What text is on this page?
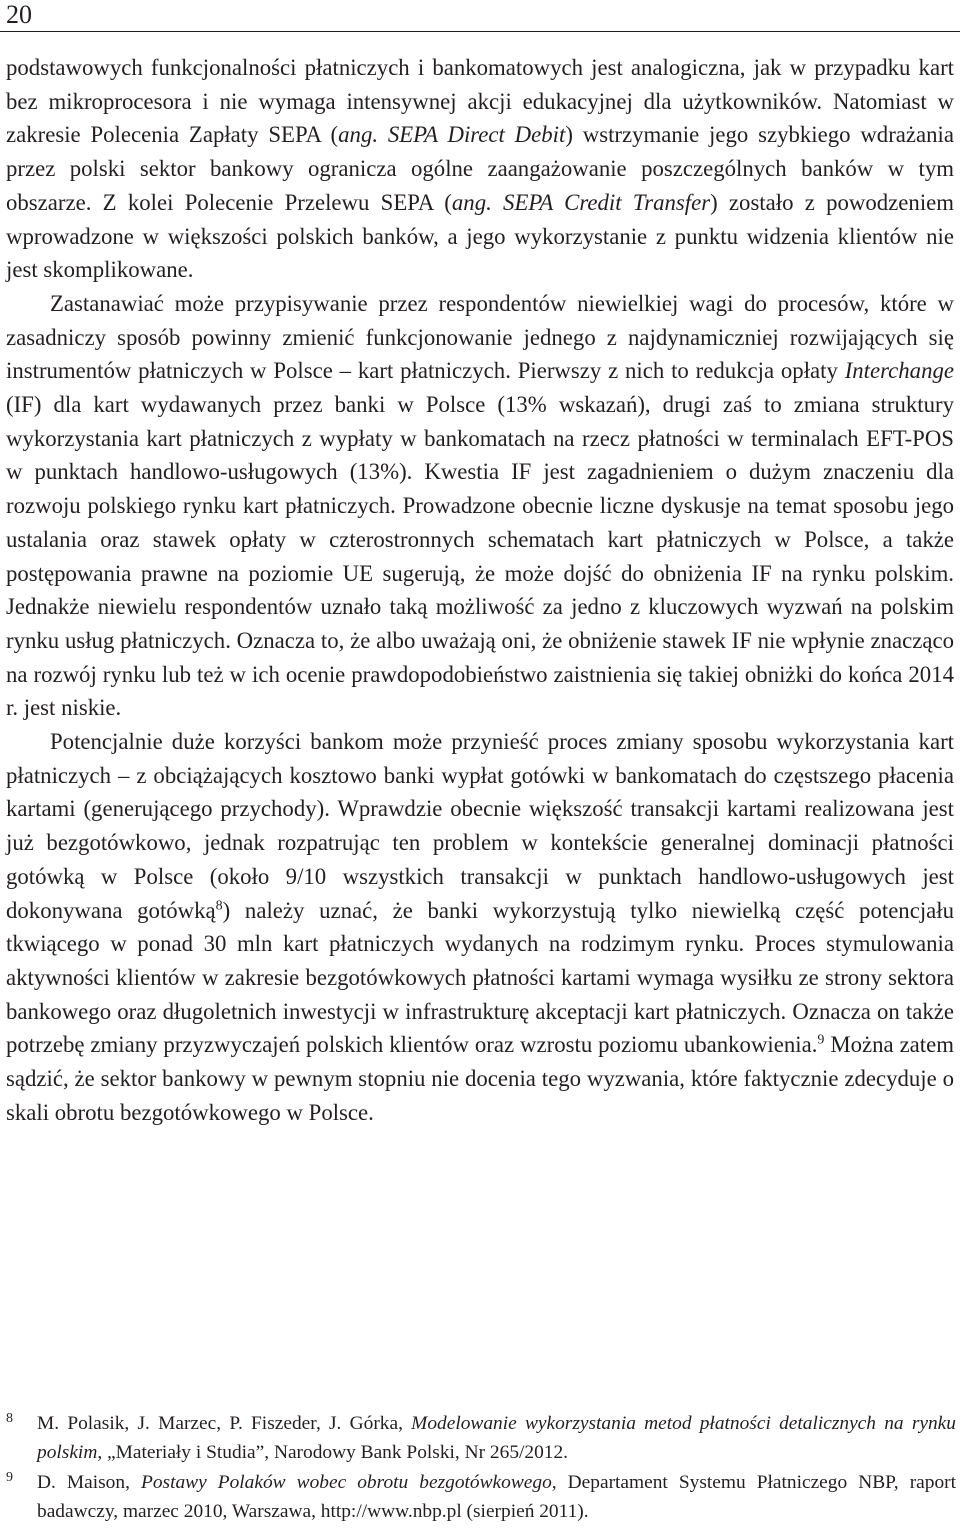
20

podstawowych funkcjonalności płatniczych i bankomatowych jest analogiczna, jak w przypadku kart bez mikroprocesora i nie wymaga intensywnej akcji edukacyjnej dla użytkowników. Natomiast w zakresie Polecenia Zapłaty SEPA (ang. SEPA Direct Debit) wstrzymanie jego szybkiego wdrażania przez polski sektor bankowy ogranicza ogólne zaangażowanie poszczególnych banków w tym obszarze. Z kolei Polecenie Przelewu SEPA (ang. SEPA Credit Transfer) zostało z powodzeniem wprowadzone w większości polskich banków, a jego wykorzystanie z punktu widzenia klientów nie jest skomplikowane.

Zastanawiać może przypisywanie przez respondentów niewielkiej wagi do procesów, które w zasadniczy sposób powinny zmienić funkcjonowanie jednego z najdynamiczniej rozwijających się instrumentów płatniczych w Polsce – kart płatniczych. Pierwszy z nich to redukcja opłaty Interchange (IF) dla kart wydawanych przez banki w Polsce (13% wskazań), drugi zaś to zmiana struktury wykorzystania kart płatniczych z wypłaty w bankomatach na rzecz płatności w terminalach EFT-POS w punktach handlowo-usługowych (13%). Kwestia IF jest zagadnieniem o dużym znaczeniu dla rozwoju polskiego rynku kart płatniczych. Prowadzone obecnie liczne dyskusje na temat sposobu jego ustalania oraz stawek opłaty w czterostronnych schematach kart płatniczych w Polsce, a także postępowania prawne na poziomie UE sugerują, że może dojść do obniżenia IF na rynku polskim. Jednakże niewielu respondentów uznało taką możliwość za jedno z kluczowych wyzwań na polskim rynku usług płatniczych. Oznacza to, że albo uważają oni, że obniżenie stawek IF nie wpłynie znacząco na rozwój rynku lub też w ich ocenie prawdopodobieństwo zaistnienia się takiej obniżki do końca 2014 r. jest niskie.

Potencjalnie duże korzyści bankom może przynieść proces zmiany sposobu wykorzystania kart płatniczych – z obciążających kosztowo banki wypłat gotówki w bankomatach do częstszego płacenia kartami (generującego przychody). Wprawdzie obecnie większość transakcji kartami realizowana jest już bezgotówkowo, jednak rozpatrując ten problem w kontekście generalnej dominacji płatności gotówką w Polsce (około 9/10 wszystkich transakcji w punktach handlowo-usługowych jest dokonywana gotówką$^8$) należy uznać, że banki wykorzystują tylko niewielką część potencjału tkwiącego w ponad 30 mln kart płatniczych wydanych na rodzimym rynku. Proces stymulowania aktywności klientów w zakresie bezgotówkowych płatności kartami wymaga wysiłku ze strony sektora bankowego oraz długoletnich inwestycji w infrastrukturę akceptacji kart płatniczych. Oznacza on także potrzebę zmiany przyzwyczajeń polskich klientów oraz wzrostu poziomu ubankowienia.$^9$ Można zatem sądzić, że sektor bankowy w pewnym stopniu nie docenia tego wyzwania, które faktycznie zdecyduje o skali obrotu bezgotówkowego w Polsce.

8 M. Polasik, J. Marzec, P. Fiszeder, J. Górka, Modelowanie wykorzystania metod płatności detalicznych na rynku polskim, „Materiały i Studia”, Narodowy Bank Polski, Nr 265/2012.

9 D. Maison, Postawy Polaków wobec obrotu bezgotówkowego, Departament Systemu Płatniczego NBP, raport badawczy, marzec 2010, Warszawa, http://www.nbp.pl (sierpień 2011).
